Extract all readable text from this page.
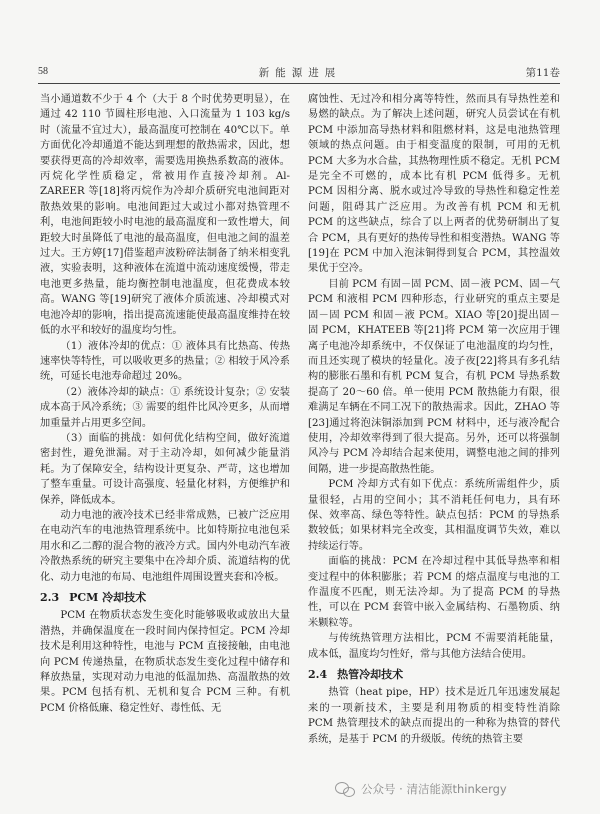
58	新能源进展	第11卷

当小通道数不少于 4 个（大于 8 个时优势更明显），在通过 42 110 节圆柱形电池、入口流量为 1 103 kg/s 时（流量不宜过大），最高温度可控制在 40℃以下。单方面优化冷却通道不能达到理想的散热需求，因此，想要获得更高的冷却效率，需要选用换热系数高的液体。丙烷化学性质稳定，常被用作直接冷却剂。Al-ZAREER 等[18]将丙烷作为冷却介质研究电池间距对散热效果的影响。电池间距过大或过小都对热管理不利，电池间距较小时电池的最高温度和一致性增大，间距较大时虽降低了电池的最高温度，但电池之间的温差过大。王方婷[17]借鉴超声波粉碎法制备了纳米相变乳液，实验表明，这种液体在流道中流动速度缓慢，带走电池更多热量，能均衡控制电池温度，但花费成本较高。WANG 等[19]研究了液体介质流速、冷却模式对电池冷却的影响，指出提高流速能使最高温度维持在较低的水平和较好的温度均匀性。

（1）液体冷却的优点：① 液体具有比热高、传热速率快等特性，可以吸收更多的热量；② 相较于风冷系统，可延长电池寿命超过 20%。

（2）液体冷却的缺点：① 系统设计复杂；② 安装成本高于风冷系统；③ 需要的组件比风冷更多，从而增加重量并占用更多空间。

（3）面临的挑战：如何优化结构空间，做好流道密封性，避免泄漏。对于主动冷却，如何减少能量消耗。为了保障安全，结构设计更复杂、严苛，这也增加了整车重量。可设计高强度、轻量化材料，方便维护和保养，降低成本。

动力电池的液冷技术已经非常成熟，已被广泛应用在电动汽车的电池热管理系统中。比如特斯拉电池包采用水和乙二醇的混合物的液冷方式。国内外电动汽车液冷散热系统的研究主要集中在冷却介质、流道结构的优化、动力电池的布局、电池组件周围设置夹套和冷板。

2.3 PCM 冷却技术

PCM 在物质状态发生变化时能够吸收或放出大量潜热，并确保温度在一段时间内保持恒定。PCM 冷却技术是利用这种特性，电池与 PCM 直接接触，由电池向 PCM 传递热量，在物质状态发生变化过程中储存和释放热量，实现对动力电池的低温加热、高温散热的效果。PCM 包括有机、无机和复合 PCM 三种。有机 PCM 价格低廉、稳定性好、毒性低、无

腐蚀性、无过冷和相分离等特性，然而具有导热性差和易燃的缺点。为了解决上述问题，研究人员尝试在有机 PCM 中添加高导热材料和阻燃材料，这是电池热管理领域的热点问题。由于相变温度的限制，可用的无机 PCM 大多为水合盐，其热物理性质不稳定。无机 PCM 是完全不可燃的，成本比有机 PCM 低得多。无机 PCM 因相分离、脱水或过冷导致的导热性和稳定性差问题，阻碍其广泛应用。为改善有机 PCM 和无机 PCM 的这些缺点，综合了以上两者的优势研制出了复合 PCM，具有更好的热传导性和相变潜热。WANG 等[19]在 PCM 中加入泡沫铜得到复合 PCM，其控温效果优于空冷。

目前 PCM 有固－固 PCM、固－液 PCM、固－气 PCM 和液相 PCM 四种形态，行业研究的重点主要是固－固 PCM 和固－液 PCM。XIAO 等[20]提出固－固 PCM，KHATEEB 等[21]将 PCM 第一次应用于锂离子电池冷却系统中，不仅保证了电池温度的均匀性，而且还实现了模块的轻量化。凌子夜[22]将具有多孔结构的膨胀石墨和有机 PCM 复合，有机 PCM 导热系数提高了 20～60 倍。单一使用 PCM 散热能力有限，很难满足车辆在不同工况下的散热需求。因此，ZHAO 等[23]通过将泡沫铜添加到 PCM 材料中，还与液冷配合使用，冷却效率得到了很大提高。另外，还可以将强制风冷与 PCM 冷却结合起来使用，调整电池之间的排列间隔，进一步提高散热性能。

PCM 冷却方式有如下优点：系统所需组件少，质量很轻，占用的空间小；其不消耗任何电力，具有环保、效率高、绿色等特性。缺点包括：PCM 的导热系数较低；如果材料完全改变，其相温度调节失效，难以持续运行等。

面临的挑战：PCM 在冷却过程中其低导热率和相变过程中的体积膨胀；若 PCM 的熔点温度与电池的工作温度不匹配，则无法冷却。为了提高 PCM 的导热性，可以在 PCM 套管中嵌入金属结构、石墨物质、纳米颗粒等。

与传统热管理方法相比，PCM 不需要消耗能量，成本低，温度均匀性好，常与其他方法结合使用。

2.4 热管冷却技术

热管（heat pipe，HP）技术是近几年迅速发展起来的一项新技术，主要是利用物质的相变特性消除 PCM 热管理技术的缺点而提出的一种称为热管的替代系统，是基于 PCM 的升级版。传统的热管主要

公众号 · 清洁能源thinkergy
